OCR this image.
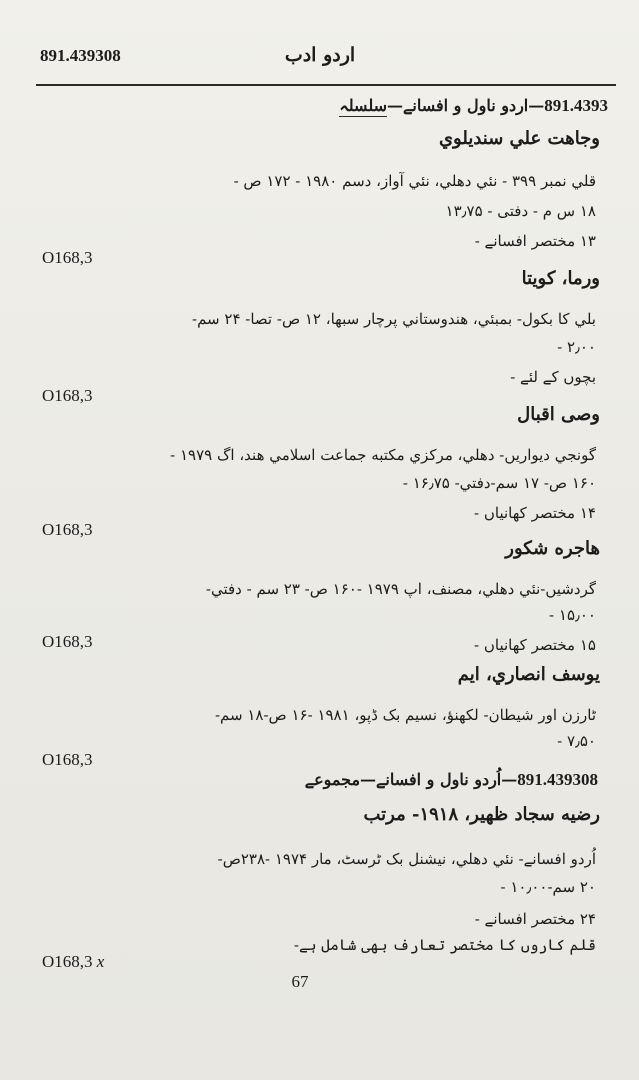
891.439308	اردو ادب
891.4393—اردو ناول و افسانے—سلسلہ
وجاهت علي سنديلوي
قلي نمبر ۳۹۹ - نئي دهلي، نئي آواز، دسم ۱۹۸۰ - ۱۷۲ ص -
۱۸ س م - دفتی - ۱۳٫۷۵
۱۳ مختصر افسانے -
O168,3
ورما، کویتا
بلي کا بکول- بمبئي، هندوستاني پرچار سبها، ۱۲ ص- تصا- ۲۴ سم-
۲٫۰۰ -
بچوں کے لئے -
O168,3
وصی اقبال
گونجي ديواريں- دهلي، مرکزي مکتبه جماعت اسلامي هند، اگ ۱۹۷۹ -
۱۶۰ ص- ۱۷ سم-دفتي- ۱۶٫۷۵ -
۱۴ مختصر کهانیاں -
O168,3
هاجره شکور
گردشیں-نئي دهلي، مصنف، اپ ۱۹۷۹ -۱۶۰ ص- ۲۳ سم - دفتي-
۱۵٫۰۰ -
۱۵ مختصر کهانیاں -
O168,3
یوسف انصاري، ایم
ٹارزن اور شیطان- لکھنؤ، نسیم بک ڈپو، ۱۹۸۱ -۱۶ ص-۱۸ سم-
۷٫۵۰ -
O168,3
891.439308—اُردو ناول و افسانے—مجموعے
رضیه سجاد ظهير، ۱۹۱۸- مرتب
اُردو افسانے- نئي دهلي، نيشنل بک ٹرسٹ، مار ۱۹۷۴ -۲۳۸ص-
۲۰ سم-۱۰٫۰۰ -
۲۴ مختصر افسانے -
قلم کاروں کا مختصر تعارف بھی شامل ہے-
O168,3 x
67
